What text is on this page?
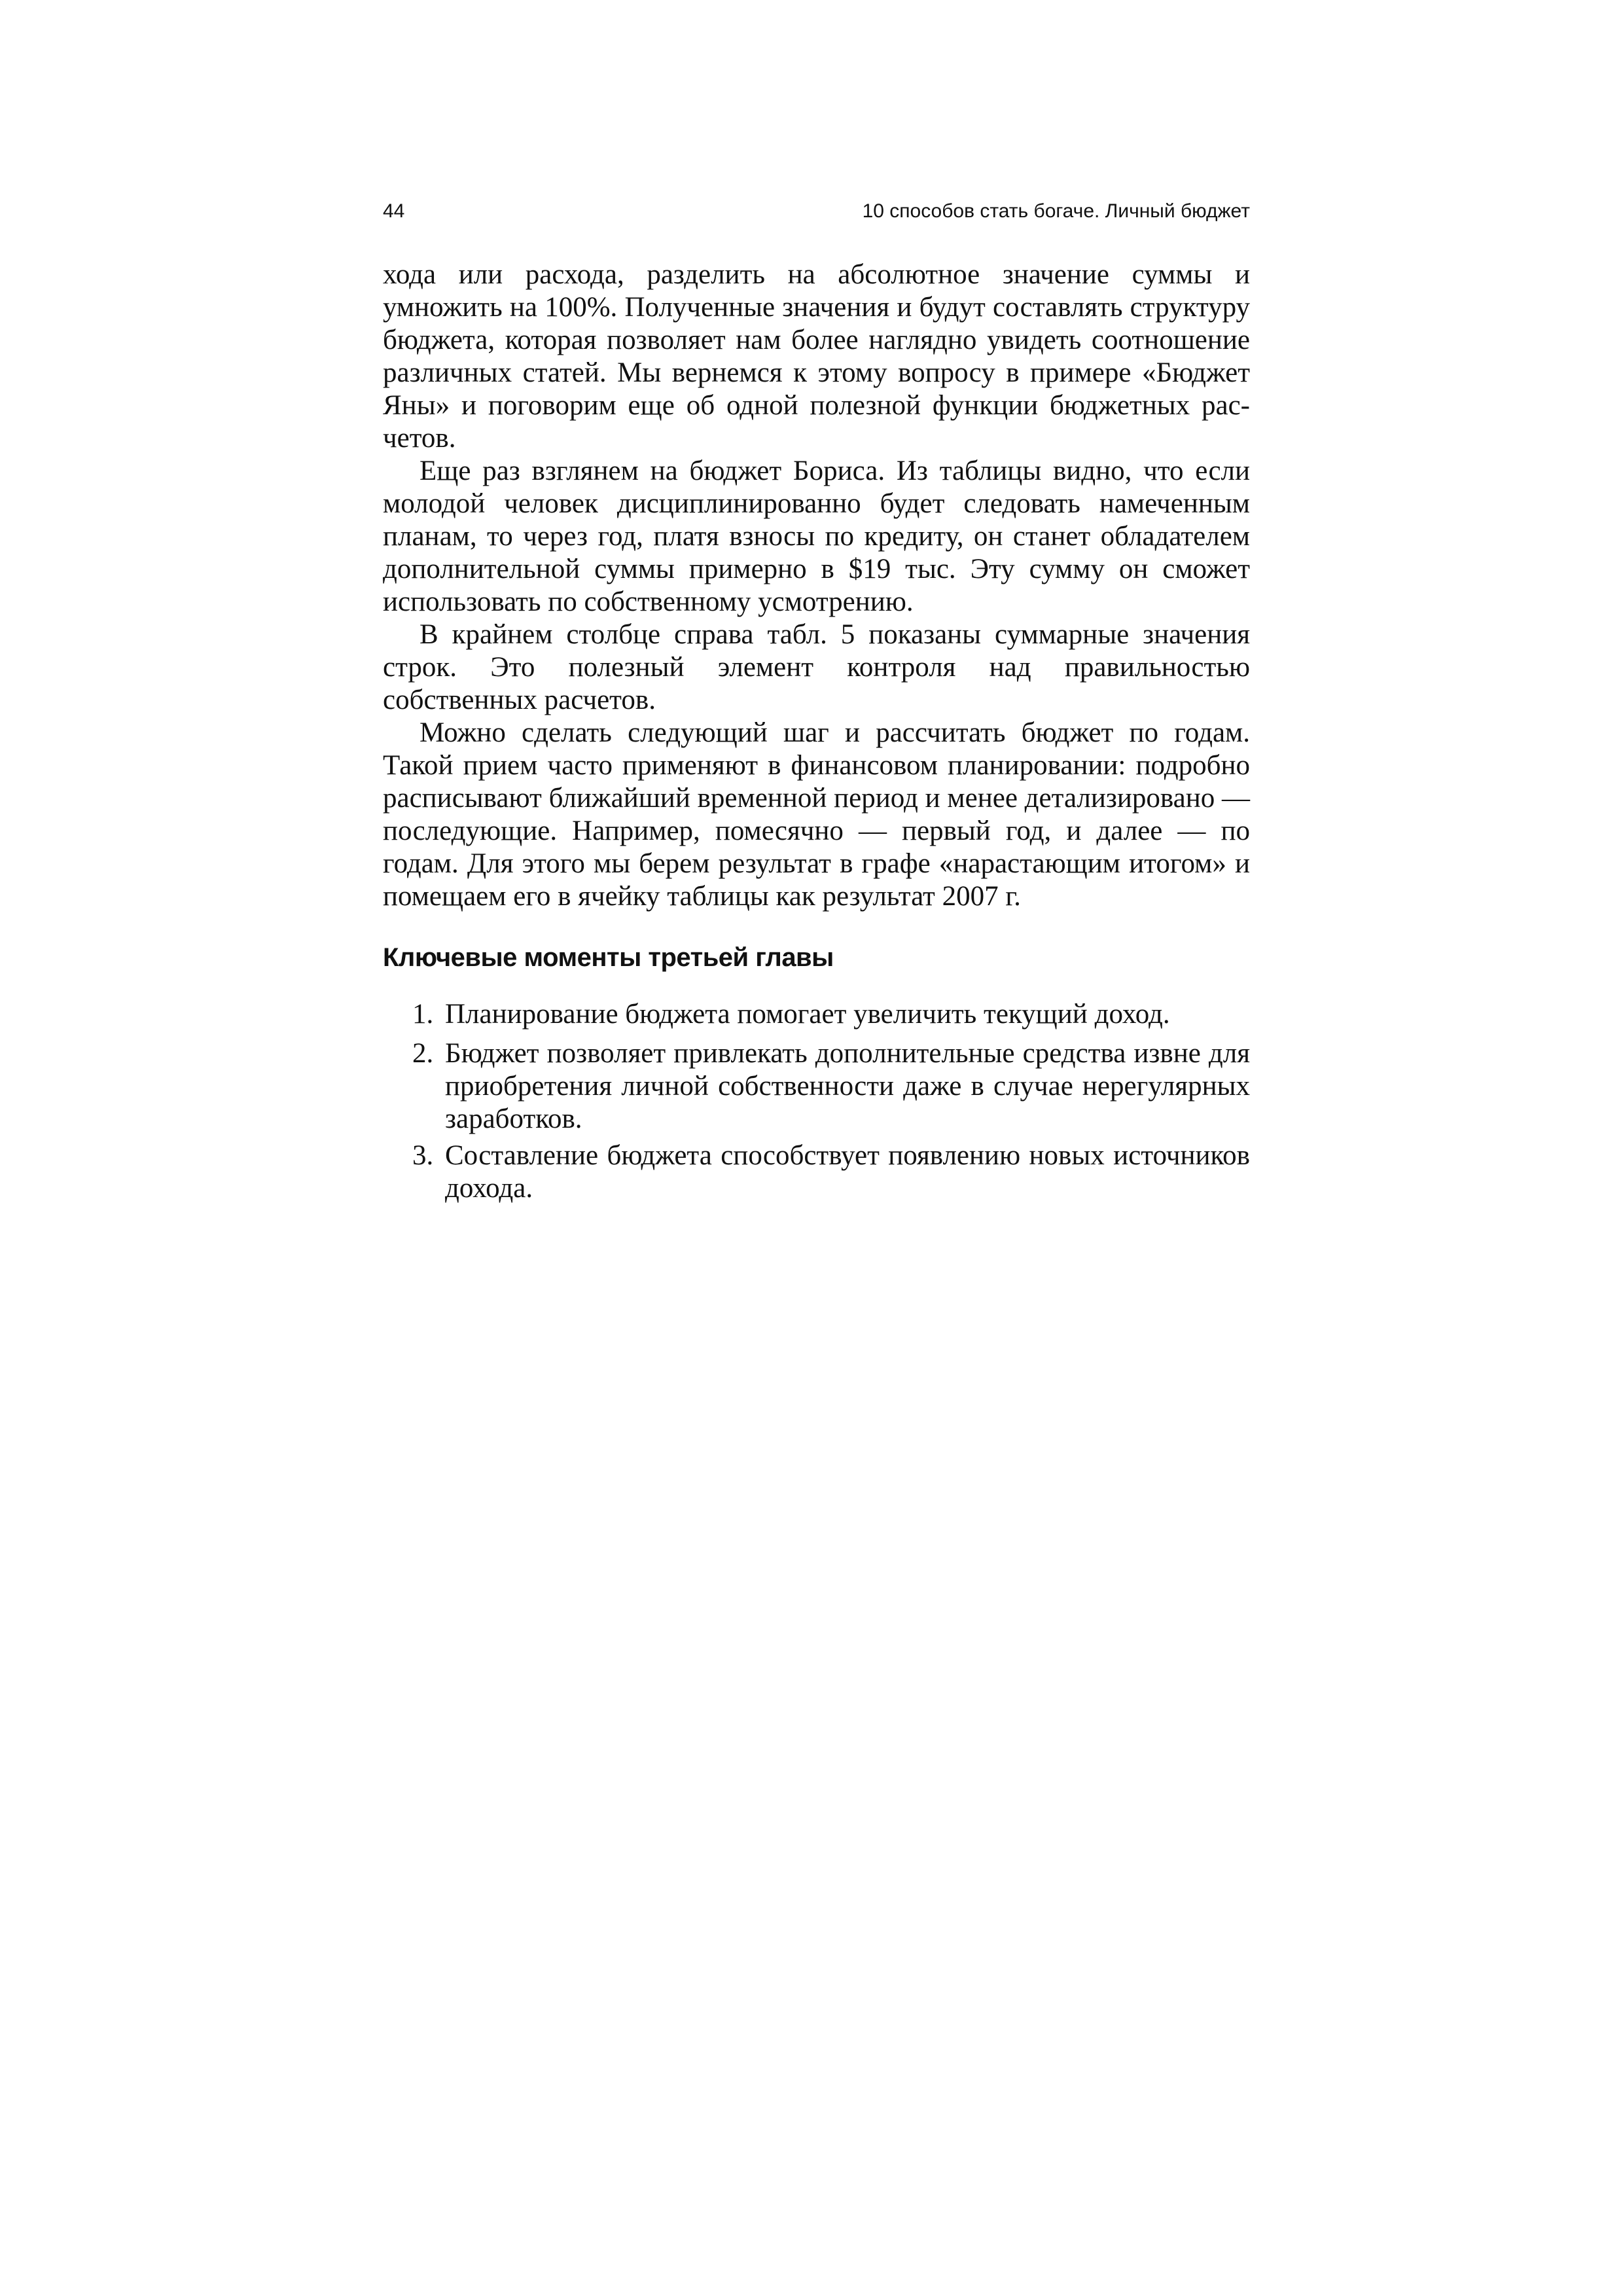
44	10 способов стать богаче. Личный бюджет

хода или расхода, разделить на абсолютное значение суммы и умножить на 100%. Полученные значения и будут составлять структуру бюджета, которая позволяет нам более наглядно увидеть соотношение различных статей. Мы вернемся к этому вопросу в примере «Бюджет Яны» и поговорим еще об одной полезной функции бюджетных рас-четов.

Еще раз взглянем на бюджет Бориса. Из таблицы видно, что если молодой человек дисциплинированно будет следовать намеченным планам, то через год, платя взносы по кредиту, он станет обладателем дополнительной суммы примерно в $19 тыс. Эту сумму он сможет использовать по собственному усмотрению.

В крайнем столбце справа табл. 5 показаны суммарные значения строк. Это полезный элемент контроля над правильностью собственных расчетов.

Можно сделать следующий шаг и рассчитать бюджет по годам. Такой прием часто применяют в финансовом планировании: подробно расписывают ближайший временной период и менее детализировано — последующие. Например, помесячно — первый год, и далее — по годам. Для этого мы берем результат в графе «нарастающим итогом» и помещаем его в ячейку таблицы как результат 2007 г.

Ключевые моменты третьей главы
1. Планирование бюджета помогает увеличить текущий доход.
2. Бюджет позволяет привлекать дополнительные средства извне для приобретения личной собственности даже в случае нерегулярных заработков.
3. Составление бюджета способствует появлению новых источников дохода.
